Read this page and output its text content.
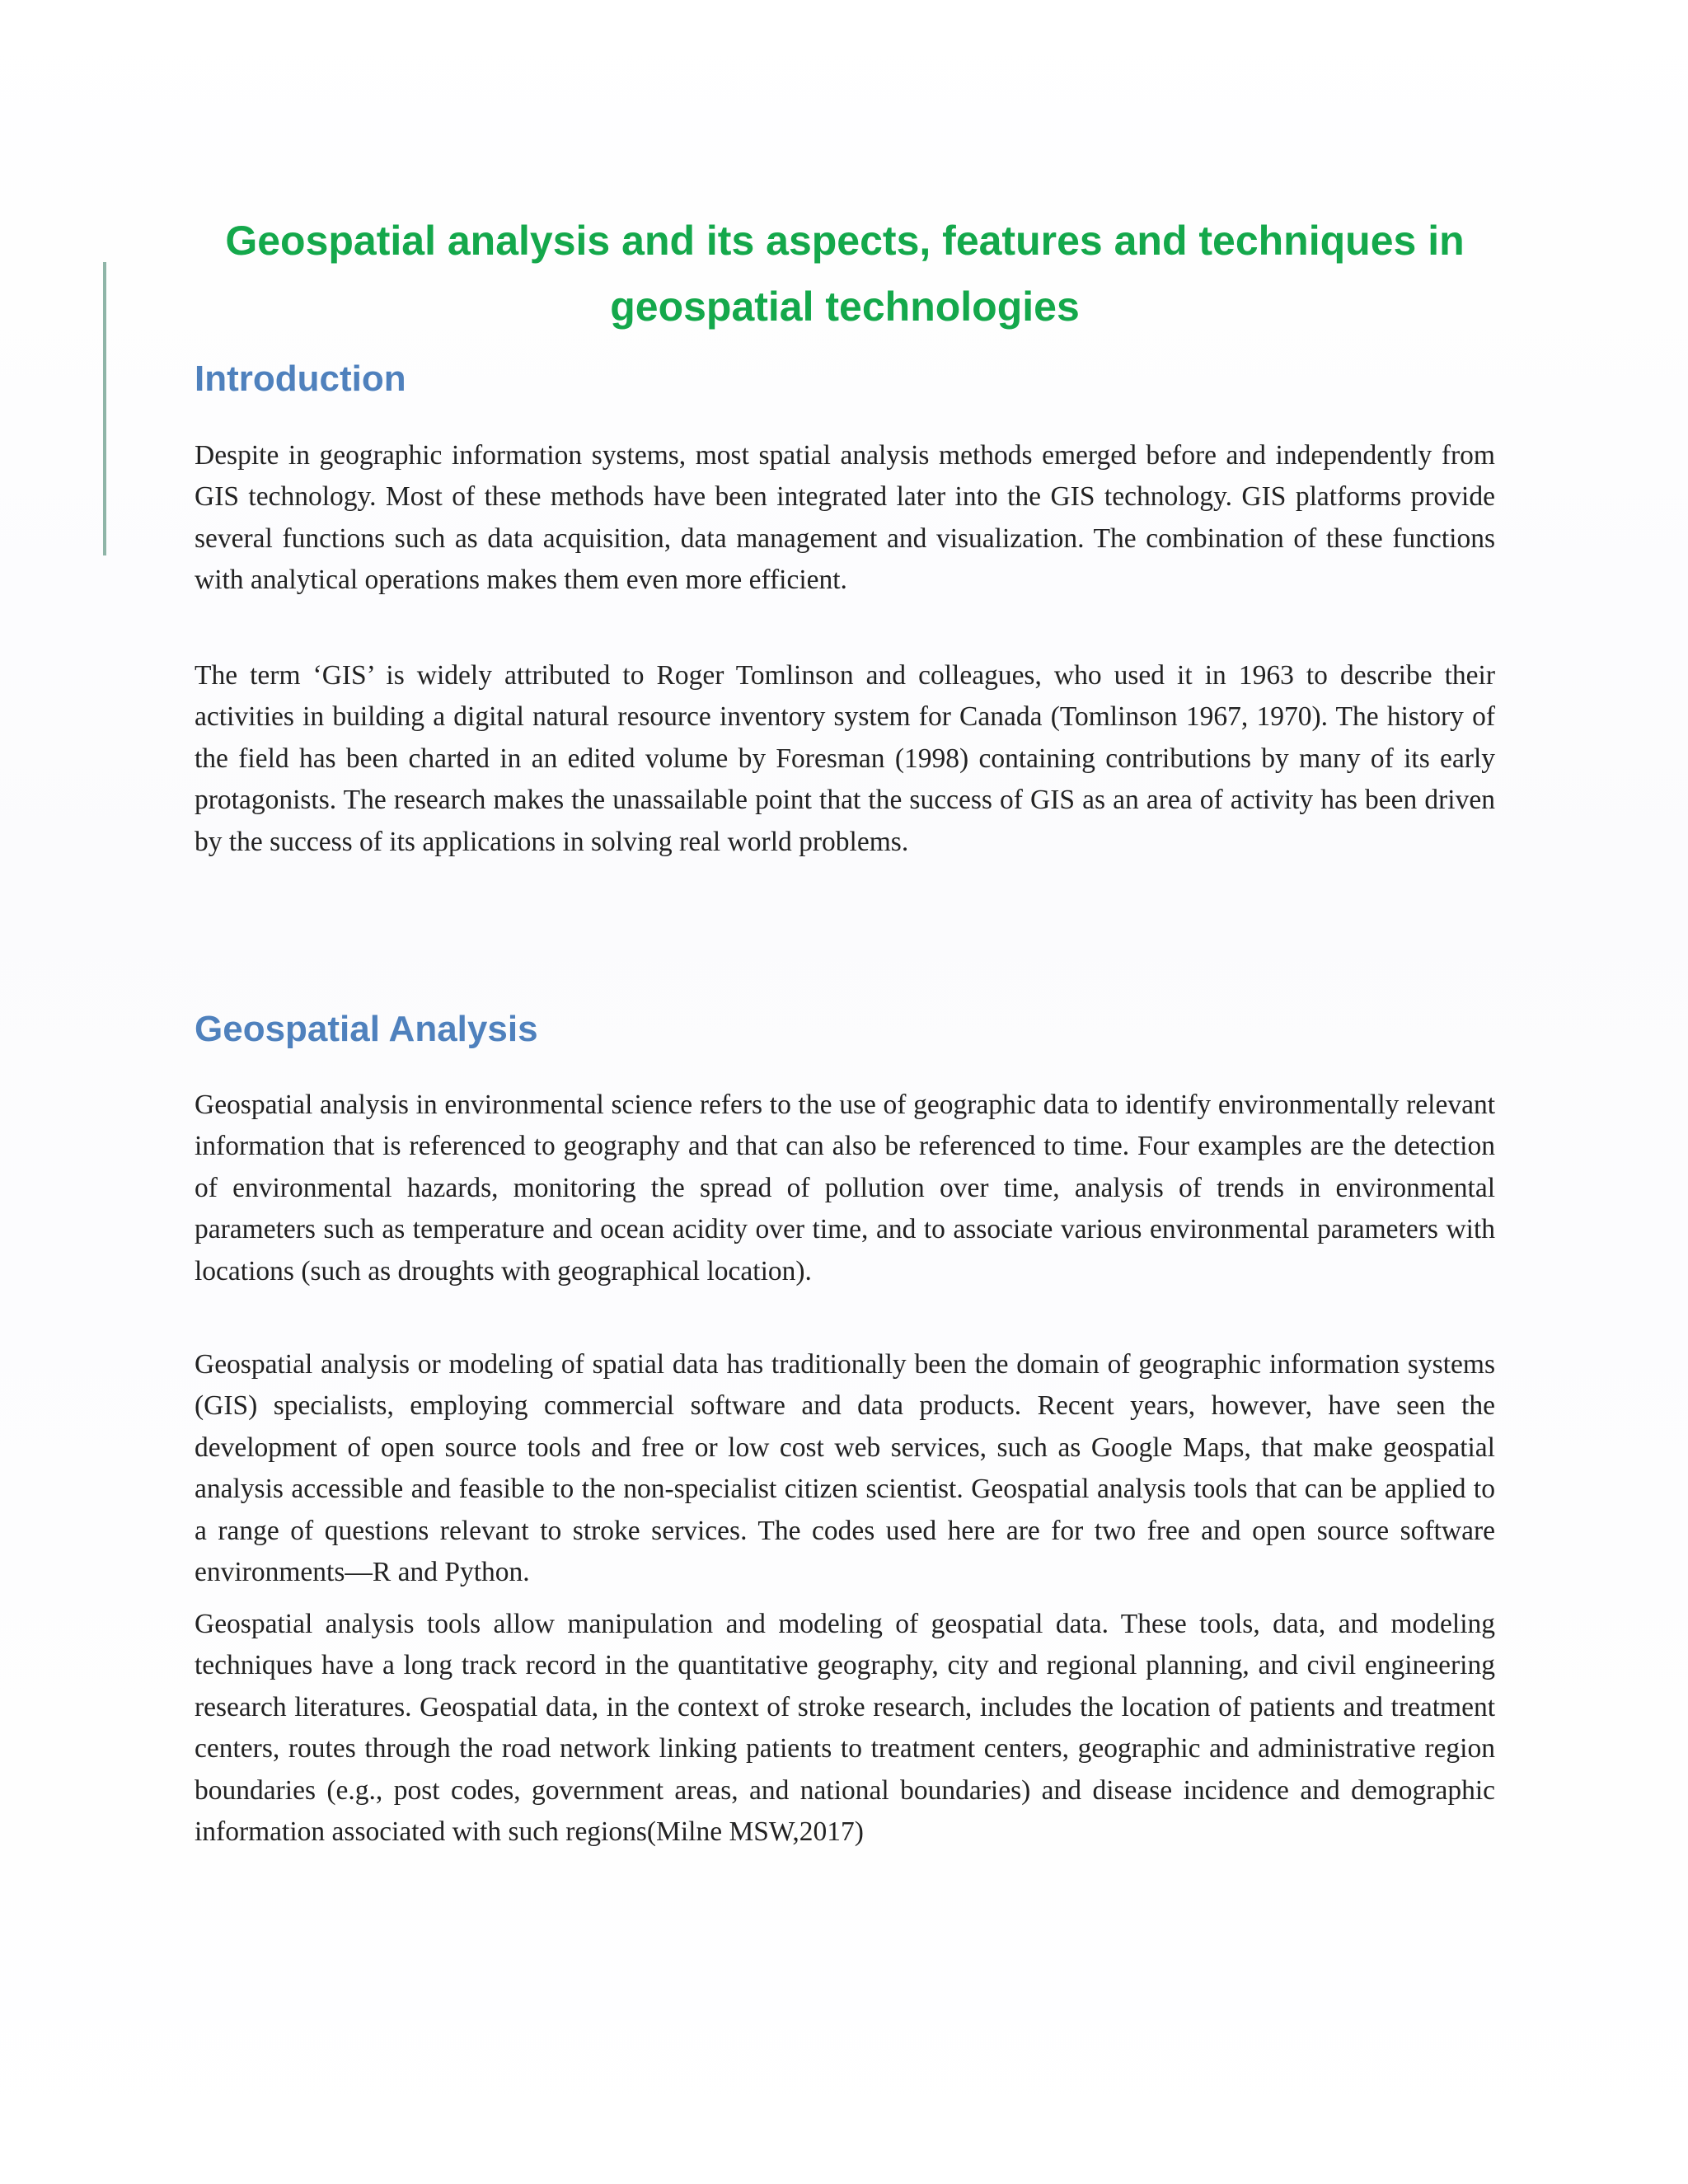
Geospatial analysis and its aspects, features and techniques in geospatial technologies
Introduction

Despite in geographic information systems, most spatial analysis methods emerged before and independently from GIS technology. Most of these methods have been integrated later into the GIS technology. GIS platforms provide several functions such as data acquisition, data management and visualization. The combination of these functions with analytical operations makes them even more efficient.

The term ‘GIS’ is widely attributed to Roger Tomlinson and colleagues, who used it in 1963 to describe their activities in building a digital natural resource inventory system for Canada (Tomlinson 1967, 1970). The history of the field has been charted in an edited volume by Foresman (1998) containing contributions by many of its early protagonists. The research makes the unassailable point that the success of GIS as an area of activity has been driven by the success of its applications in solving real world problems.

Geospatial Analysis

Geospatial analysis in environmental science refers to the use of geographic data to identify environmentally relevant information that is referenced to geography and that can also be referenced to time. Four examples are the detection of environmental hazards, monitoring the spread of pollution over time, analysis of trends in environmental parameters such as temperature and ocean acidity over time, and to associate various environmental parameters with locations (such as droughts with geographical location).

Geospatial analysis or modeling of spatial data has traditionally been the domain of geographic information systems (GIS) specialists, employing commercial software and data products. Recent years, however, have seen the development of open source tools and free or low cost web services, such as Google Maps, that make geospatial analysis accessible and feasible to the non-specialist citizen scientist. Geospatial analysis tools that can be applied to a range of questions relevant to stroke services. The codes used here are for two free and open source software environments—R and Python.

Geospatial analysis tools allow manipulation and modeling of geospatial data. These tools, data, and modeling techniques have a long track record in the quantitative geography, city and regional planning, and civil engineering research literatures. Geospatial data, in the context of stroke research, includes the location of patients and treatment centers, routes through the road network linking patients to treatment centers, geographic and administrative region boundaries (e.g., post codes, government areas, and national boundaries) and disease incidence and demographic information associated with such regions(Milne MSW,2017)
